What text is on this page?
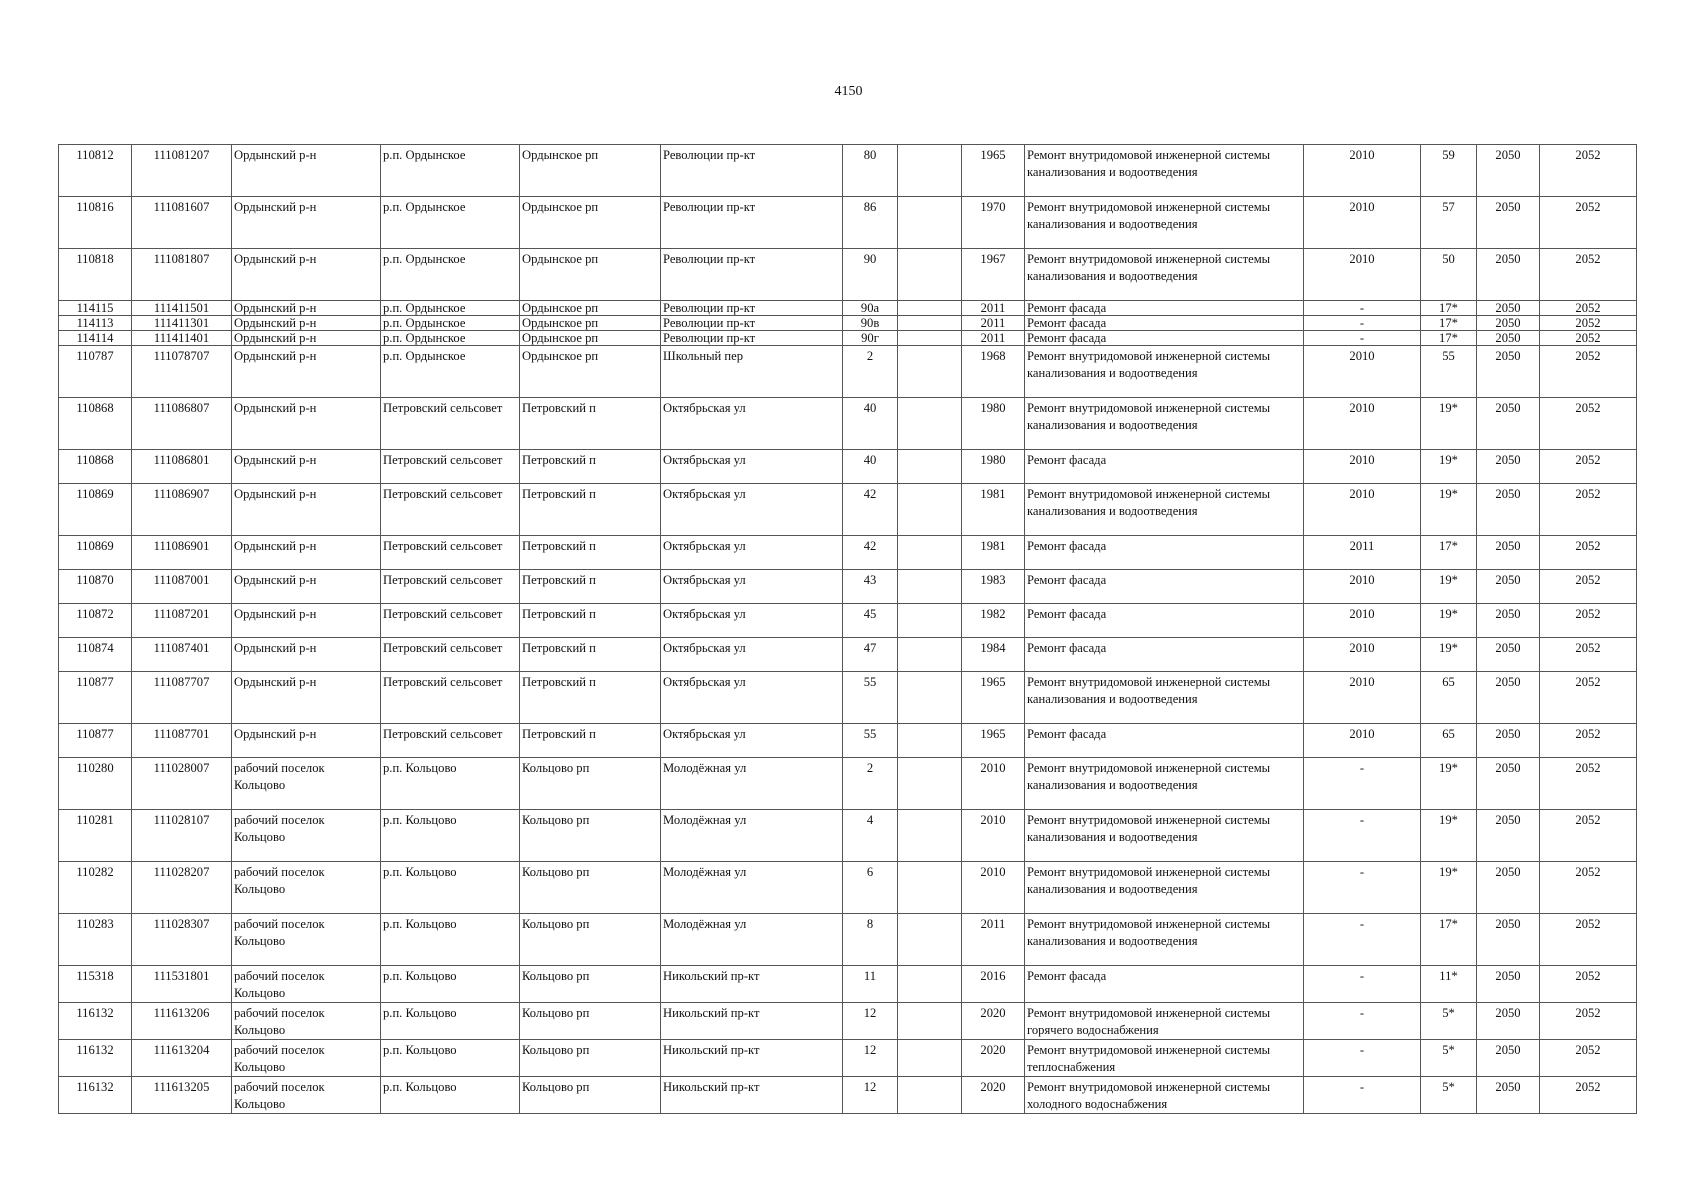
4150
110812	111081207	Ордынский р-н	р.п. Ордынское	Ордынское рп	Революции пр-кт	80		1965	Ремонт внутридомовой инженерной системы канализования и водоотведения	2010	59	2050	2052
110816	111081607	Ордынский р-н	р.п. Ордынское	Ордынское рп	Революции пр-кт	86		1970	Ремонт внутридомовой инженерной системы канализования и водоотведения	2010	57	2050	2052
110818	111081807	Ордынский р-н	р.п. Ордынское	Ордынское рп	Революции пр-кт	90		1967	Ремонт внутридомовой инженерной системы канализования и водоотведения	2010	50	2050	2052
114115	111411501	Ордынский р-н	р.п. Ордынское	Ордынское рп	Революции пр-кт	90а		2011	Ремонт фасада	-	17*	2050	2052
114113	111411301	Ордынский р-н	р.п. Ордынское	Ордынское рп	Революции пр-кт	90в		2011	Ремонт фасада	-	17*	2050	2052
114114	111411401	Ордынский р-н	р.п. Ордынское	Ордынское рп	Революции пр-кт	90г		2011	Ремонт фасада	-	17*	2050	2052
110787	111078707	Ордынский р-н	р.п. Ордынское	Ордынское рп	Школьный пер	2		1968	Ремонт внутридомовой инженерной системы канализования и водоотведения	2010	55	2050	2052
110868	111086807	Ордынский р-н	Петровский сельсовет	Петровский п	Октябрьская ул	40		1980	Ремонт внутридомовой инженерной системы канализования и водоотведения	2010	19*	2050	2052
110868	111086801	Ордынский р-н	Петровский сельсовет	Петровский п	Октябрьская ул	40		1980	Ремонт фасада	2010	19*	2050	2052
110869	111086907	Ордынский р-н	Петровский сельсовет	Петровский п	Октябрьская ул	42		1981	Ремонт внутридомовой инженерной системы канализования и водоотведения	2010	19*	2050	2052
110869	111086901	Ордынский р-н	Петровский сельсовет	Петровский п	Октябрьская ул	42		1981	Ремонт фасада	2011	17*	2050	2052
110870	111087001	Ордынский р-н	Петровский сельсовет	Петровский п	Октябрьская ул	43		1983	Ремонт фасада	2010	19*	2050	2052
110872	111087201	Ордынский р-н	Петровский сельсовет	Петровский п	Октябрьская ул	45		1982	Ремонт фасада	2010	19*	2050	2052
110874	111087401	Ордынский р-н	Петровский сельсовет	Петровский п	Октябрьская ул	47		1984	Ремонт фасада	2010	19*	2050	2052
110877	111087707	Ордынский р-н	Петровский сельсовет	Петровский п	Октябрьская ул	55		1965	Ремонт внутридомовой инженерной системы канализования и водоотведения	2010	65	2050	2052
110877	111087701	Ордынский р-н	Петровский сельсовет	Петровский п	Октябрьская ул	55		1965	Ремонт фасада	2010	65	2050	2052
110280	111028007	рабочий поселок Кольцово	р.п. Кольцово	Кольцово рп	Молодёжная ул	2		2010	Ремонт внутридомовой инженерной системы канализования и водоотведения	-	19*	2050	2052
110281	111028107	рабочий поселок Кольцово	р.п. Кольцово	Кольцово рп	Молодёжная ул	4		2010	Ремонт внутридомовой инженерной системы канализования и водоотведения	-	19*	2050	2052
110282	111028207	рабочий поселок Кольцово	р.п. Кольцово	Кольцово рп	Молодёжная ул	6		2010	Ремонт внутридомовой инженерной системы канализования и водоотведения	-	19*	2050	2052
110283	111028307	рабочий поселок Кольцово	р.п. Кольцово	Кольцово рп	Молодёжная ул	8		2011	Ремонт внутридомовой инженерной системы канализования и водоотведения	-	17*	2050	2052
115318	111531801	рабочий поселок Кольцово	р.п. Кольцово	Кольцово рп	Никольский пр-кт	11		2016	Ремонт фасада	-	11*	2050	2052
116132	111613206	рабочий поселок Кольцово	р.п. Кольцово	Кольцово рп	Никольский пр-кт	12		2020	Ремонт внутридомовой инженерной системы горячего водоснабжения	-	5*	2050	2052
116132	111613204	рабочий поселок Кольцово	р.п. Кольцово	Кольцово рп	Никольский пр-кт	12		2020	Ремонт внутридомовой инженерной системы теплоснабжения	-	5*	2050	2052
116132	111613205	рабочий поселок Кольцово	р.п. Кольцово	Кольцово рп	Никольский пр-кт	12		2020	Ремонт внутридомовой инженерной системы холодного водоснабжения	-	5*	2050	2052
